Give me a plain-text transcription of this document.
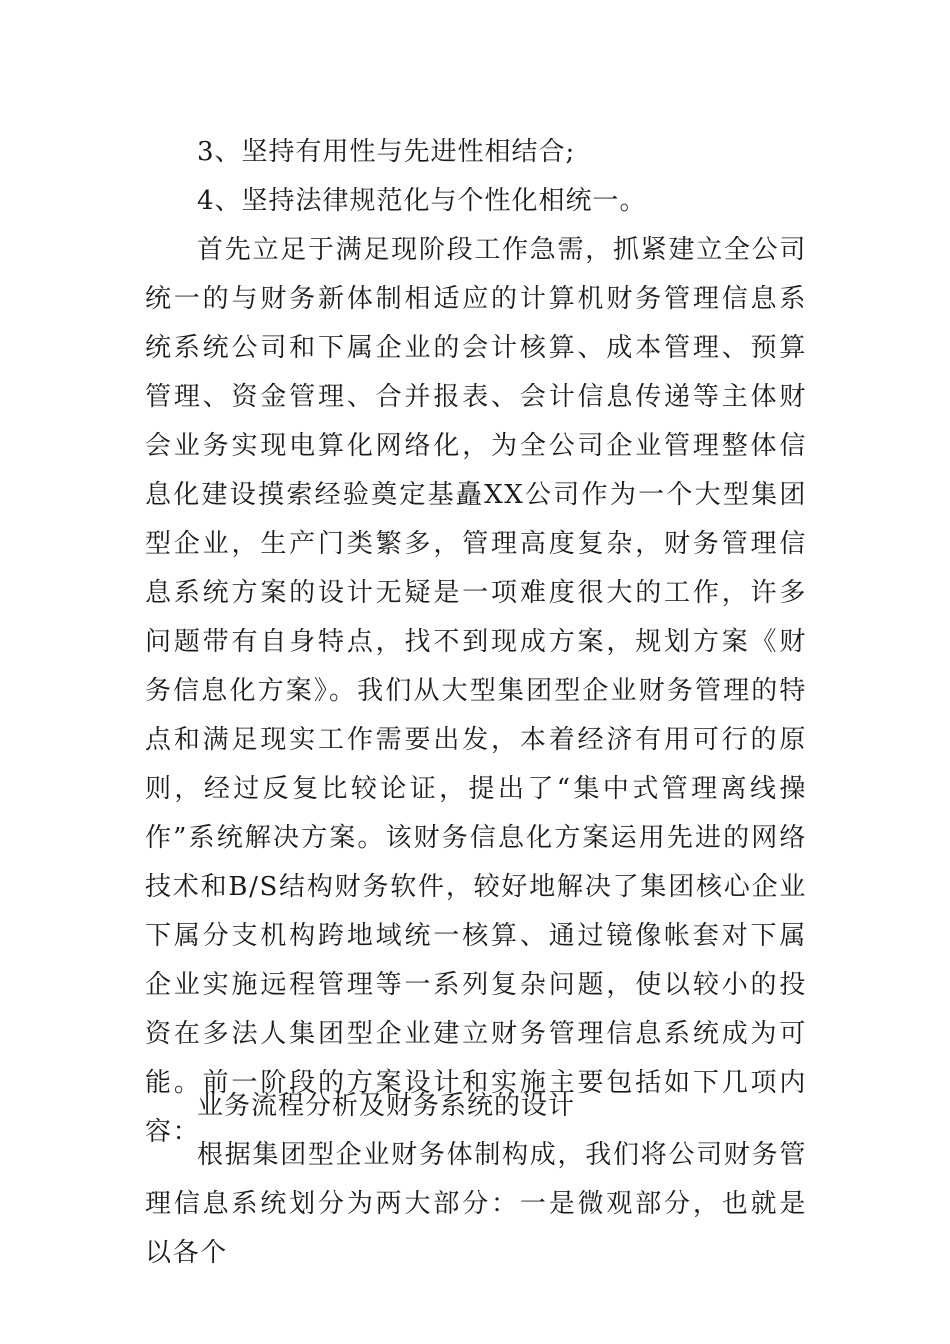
3、坚持有用性与先进性相结合;

4、坚持法律规范化与个性化相统一。

首先立足于满足现阶段工作急需，抓紧建立全公司统一的与财务新体制相适应的计算机财务管理信息系统系统公司和下属企业的会计核算、成本管理、预算管理、资金管理、合并报表、会计信息传递等主体财会业务实现电算化网络化，为全公司企业管理整体信息化建设摸索经验奠定基矗XX公司作为一个大型集团型企业，生产门类繁多，管理高度复杂，财务管理信息系统方案的设计无疑是一项难度很大的工作，许多问题带有自身特点，找不到现成方案，规划方案《财务信息化方案》。我们从大型集团型企业财务管理的特点和满足现实工作需要出发，本着经济有用可行的原则，经过反复比较论证，提出了“集中式管理离线操作”系统解决方案。该财务信息化方案运用先进的网络技术和B/S结构财务软件，较好地解决了集团核心企业下属分支机构跨地域统一核算、通过镜像帐套对下属企业实施远程管理等一系列复杂问题，使以较小的投资在多法人集团型企业建立财务管理信息系统成为可能。前一阶段的方案设计和实施主要包括如下几项内容：

业务流程分析及财务系统的设计

根据集团型企业财务体制构成，我们将公司财务管理信息系统划分为两大部分：一是微观部分，也就是以各个
